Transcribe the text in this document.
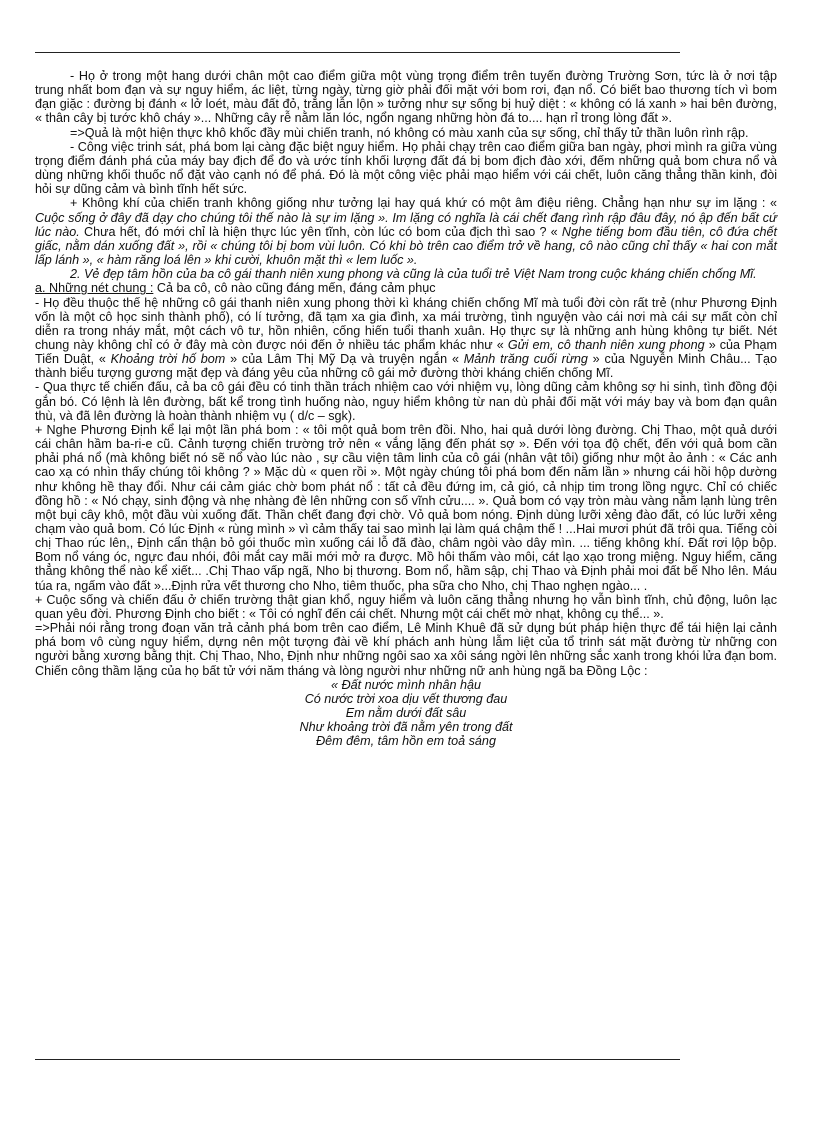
- Họ ở trong một hang dưới chân một cao điểm giữa một vùng trọng điểm trên tuyến đường Trường Sơn, tức là ở nơi tập trung nhất bom đạn và sự nguy hiểm, ác liệt, từng ngày, từng giờ phải đối mặt với bom rơi, đạn nổ. Có biết bao thương tích vì bom đạn giặc : đường bị đánh « lở loét, màu đất đỏ, trắng lẫn lộn » tưởng như sự sống bị huỷ diệt : « không có lá xanh » hai bên đường, « thân cây bị tước khô cháy »... Những cây rễ nằm lăn lóc, ngổn ngang những hòn đá to.... hạn rỉ trong lòng đất ».

=>Quả là một hiện thực khô khốc đầy mùi chiến tranh, nó không có màu xanh của sự sống, chỉ thấy tử thần luôn rình rập.

- Công việc trinh sát, phá bom lại càng đặc biệt nguy hiểm. Họ phải chạy trên cao điểm giữa ban ngày, phơi mình ra giữa vùng trọng điểm đánh phá của máy bay địch để đo và ước tính khối lượng đất đá bị bom địch đào xới, đếm những quả bom chưa nổ và dùng những khối thuốc nổ đặt vào cạnh nó để phá. Đó là một công việc phải mạo hiểm với cái chết, luôn căng thẳng thần kinh, đòi hỏi sự dũng cảm và bình tĩnh hết sức.

+ Không khí của chiến tranh không giống như tưởng lại hay quá khứ có một âm điệu riêng. Chẳng hạn như sự im lặng : « Cuộc sống ở đây đã dạy cho chúng tôi thế nào là sự im lặng ». Im lặng có nghĩa là cái chết đang rình rập đâu đây, nó ập đến bất cứ lúc nào. Chưa hết, đó mới chỉ là hiện thực lúc yên tĩnh, còn lúc có bom của địch thì sao ? « Nghe tiếng bom đầu tiên, cô đứa chết giấc, nằm dán xuống đất », rồi « chúng tôi bị bom vùi luôn. Có khi bò trên cao điểm trở về hang, cô nào cũng chỉ thấy « hai con mắt lấp lánh », « hàm răng loá lên » khi cười, khuôn mặt thì « lem luốc ».

2. Vẻ đẹp tâm hồn của ba cô gái thanh niên xung phong và cũng là của tuổi trẻ Việt Nam trong cuộc kháng chiến chống Mĩ.

a. Những nét chung : Cả ba cô, cô nào cũng đáng mến, đáng cảm phục

- Họ đều thuộc thế hệ những cô gái thanh niên xung phong thời kì kháng chiến chống Mĩ mà tuổi đời còn rất trẻ (như Phương Định vốn là một cô học sinh thành phố), có lí tưởng, đã tạm xa gia đình, xa mái trường, tình nguyện vào cái nơi mà cái sự mất còn chỉ diễn ra trong nháy mắt, một cách vô tư, hồn nhiên, cống hiến tuổi thanh xuân. Họ thực sự là những anh hùng không tự biết. Nét chung này không chỉ có ở đây mà còn được nói đến ở nhiều tác phẩm khác như « Gửi em, cô thanh niên xung phong » của Phạm Tiến Duật, « Khoảng trời hố bom » của Lâm Thị Mỹ Dạ và truyện ngắn « Mảnh trăng cuối rừng » của Nguyễn Minh Châu... Tạo thành biểu tượng gương mặt đẹp và đáng yêu của những cô gái mở đường thời kháng chiến chống Mĩ.

- Qua thực tế chiến đấu, cả ba cô gái đều có tinh thần trách nhiệm cao với nhiệm vụ, lòng dũng cảm không sợ hi sinh, tình đồng đội gắn bó. Có lệnh là lên đường, bất kể trong tình huống nào, nguy hiểm không từ nan dù phải đối mặt với máy bay và bom đạn quân thù, và đã lên đường là hoàn thành nhiệm vụ ( d/c – sgk).

+ Nghe Phương Định kể lại một lần phá bom : « tôi một quả bom trên đồi. Nho, hai quả dưới lòng đường. Chị Thao, một quả dưới cái chân hầm ba-ri-e cũ. Cảnh tượng chiến trường trở nên « vắng lặng đến phát sợ ». Đến với tọa độ chết, đến với quả bom cần phải phá nổ (mà không biết nó sẽ nổ vào lúc nào , sự cầu viện tâm linh của cô gái (nhân vật tôi) giống như một ảo ảnh : « Các anh cao xạ có nhìn thấy chúng tôi không ? » Mặc dù « quen rồi ». Một ngày chúng tôi phá bom đến năm lần » nhưng cái hồi hộp dường như không hề thay đổi. Như cái cảm giác chờ bom phát nổ : tất cả đều đứng im, cả gió, cả nhịp tim trong lồng ngực. Chỉ có chiếc đồng hồ : « Nó chạy, sinh động và nhẹ nhàng đè lên những con số vĩnh cửu.... ». Quả bom có vạy tròn màu vàng nằm lạnh lùng trên một bụi cây khô, một đầu vùi xuống đất. Thần chết đang đợi chờ. Vỏ quả bom nóng. Định dùng lưỡi xẻng đào đất, có lúc lưỡi xẻng chạm vào quả bom. Có lúc Định « rùng mình » vì cảm thấy tai sao mình lại làm quá chậm thế ! ...Hai mươi phút đã trôi qua. Tiếng còi chị Thao rúc lên,, Định cẩn thận bỏ gói thuốc mìn xuống cái lỗ đã đào, châm ngòi vào dây mìn. ... tiếng không khí. Đất rơi lộp bộp. Bom nổ váng óc, ngực đau nhói, đôi mắt cay mãi mới mở ra được. Mồ hôi thấm vào môi, cát lạo xạo trong miệng. Nguy hiểm, căng thẳng không thể nào kể xiết... .Chị Thao vấp ngã, Nho bị thương. Bom nổ, hầm sập, chị Thao và Định phải moi đất bế Nho lên. Máu túa ra, ngấm vào đất »...Định rửa vết thương cho Nho, tiêm thuốc, pha sữa cho Nho, chị Thao nghẹn ngào... .

+ Cuộc sống và chiến đấu ở chiến trường thật gian khổ, nguy hiểm và luôn căng thẳng nhưng họ vẫn bình tĩnh, chủ động, luôn lạc quan yêu đời. Phương Định cho biết : « Tôi có nghĩ đến cái chết. Nhưng một cái chết mờ nhạt, không cụ thể... ».

=>Phải nói rằng trong đoạn văn trả cảnh phá bom trên cao điểm, Lê Minh Khuê đã sử dụng bút pháp hiện thực để tái hiện lại cảnh phá bom vô cùng nguy hiểm, dựng nên một tượng đài về khí phách anh hùng lẫm liệt của tổ trinh sát mặt đường từ những con người bằng xương bằng thịt. Chị Thao, Nho, Định như những ngôi sao xa xôi sáng ngời lên những sắc xanh trong khói lửa đạn bom. Chiến công thầm lặng của họ bất tử với năm tháng và lòng người như những nữ anh hùng ngã ba Đồng Lộc :

« Đất nước mình nhân hậu

Có nước trời xoa dịu vết thương đau

Em nằm dưới đất sâu

Như khoảng trời đã nằm yên trong đất

Đêm đêm, tâm hồn em toả sáng
